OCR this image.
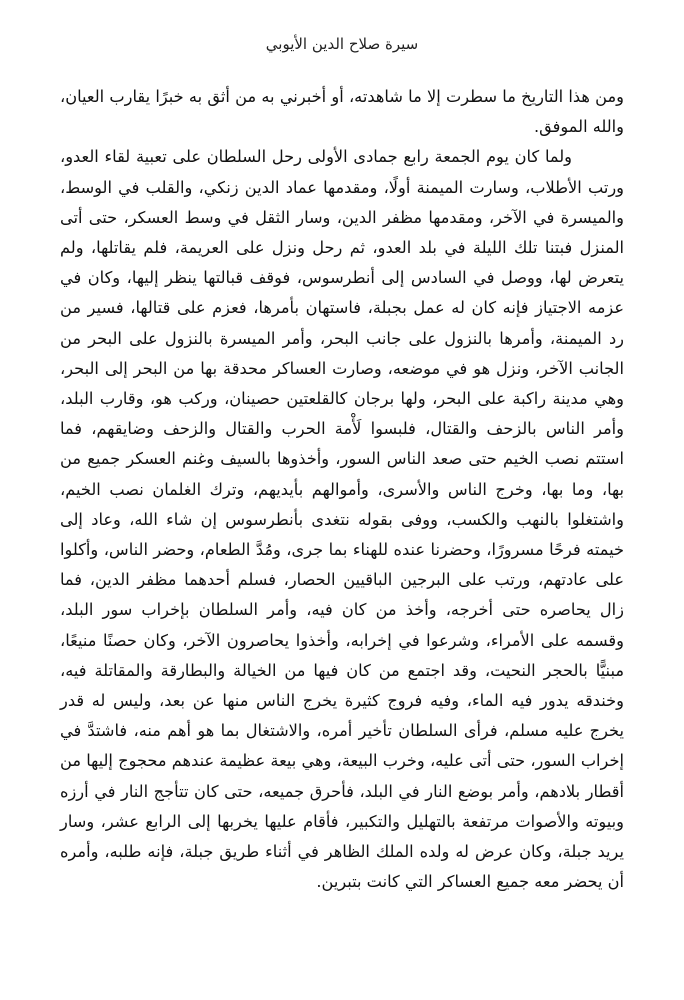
سيرة صلاح الدين الأيوبي

ومن هذا التاريخ ما سطرت إلا ما شاهدته، أو أخبرني به من أثق به خبرًا يقارب العيان، والله الموفق.

ولما كان يوم الجمعة رابع جمادى الأولى رحل السلطان على تعبية لقاء العدو، ورتب الأطلاب، وسارت الميمنة أولًا، ومقدمها عماد الدين زنكي، والقلب في الوسط، والميسرة في الآخر، ومقدمها مظفر الدين، وسار الثقل في وسط العسكر، حتى أتى المنزل فبتنا تلك الليلة في بلد العدو، ثم رحل ونزل على العريمة، فلم يقاتلها، ولم يتعرض لها، ووصل في السادس إلى أنطرسوس، فوقف قبالتها ينظر إليها، وكان في عزمه الاجتياز فإنه كان له عمل بجبلة، فاستهان بأمرها، فعزم على قتالها، فسير من رد الميمنة، وأمرها بالنزول على جانب البحر، وأمر الميسرة بالنزول على البحر من الجانب الآخر، ونزل هو في موضعه، وصارت العساكر محدقة بها من البحر إلى البحر، وهي مدينة راكبة على البحر، ولها برجان كالقلعتين حصينان، وركب هو، وقارب البلد، وأمر الناس بالزحف والقتال، فلبسوا لَأْمة الحرب والقتال والزحف وضايقهم، فما استتم نصب الخيم حتى صعد الناس السور، وأخذوها بالسيف وغنم العسكر جميع من بها، وما بها، وخرج الناس والأسرى، وأموالهم بأيديهم، وترك الغلمان نصب الخيم، واشتغلوا بالنهب والكسب، ووفى بقوله نتغدى بأنطرسوس إن شاء الله، وعاد إلى خيمته فرحًا مسرورًا، وحضرنا عنده للهناء بما جرى، ومُدَّ الطعام، وحضر الناس، وأكلوا على عادتهم، ورتب على البرجين الباقيين الحصار، فسلم أحدهما مظفر الدين، فما زال يحاصره حتى أخرجه، وأخذ من كان فيه، وأمر السلطان بإخراب سور البلد، وقسمه على الأمراء، وشرعوا في إخرابه، وأخذوا يحاصرون الآخر، وكان حصنًا منيعًا، مبنيًّا بالحجر النحيت، وقد اجتمع من كان فيها من الخيالة والبطارقة والمقاتلة فيه، وخندقه يدور فيه الماء، وفيه فروج كثيرة يخرج الناس منها عن بعد، وليس له قدر يخرج عليه مسلم، فرأى السلطان تأخير أمره، والاشتغال بما هو أهم منه، فاشتدَّ في إخراب السور، حتى أتى عليه، وخرب البيعة، وهي بيعة عظيمة عندهم محجوج إليها من أقطار بلادهم، وأمر بوضع النار في البلد، فأحرق جميعه، حتى كان تتأجج النار في أرزه وبيوته والأصوات مرتفعة بالتهليل والتكبير، فأقام عليها يخربها إلى الرابع عشر، وسار يريد جبلة، وكان عرض له ولده الملك الظاهر في أثناء طريق جبلة، فإنه طلبه، وأمره أن يحضر معه جميع العساكر التي كانت بتبرين.
